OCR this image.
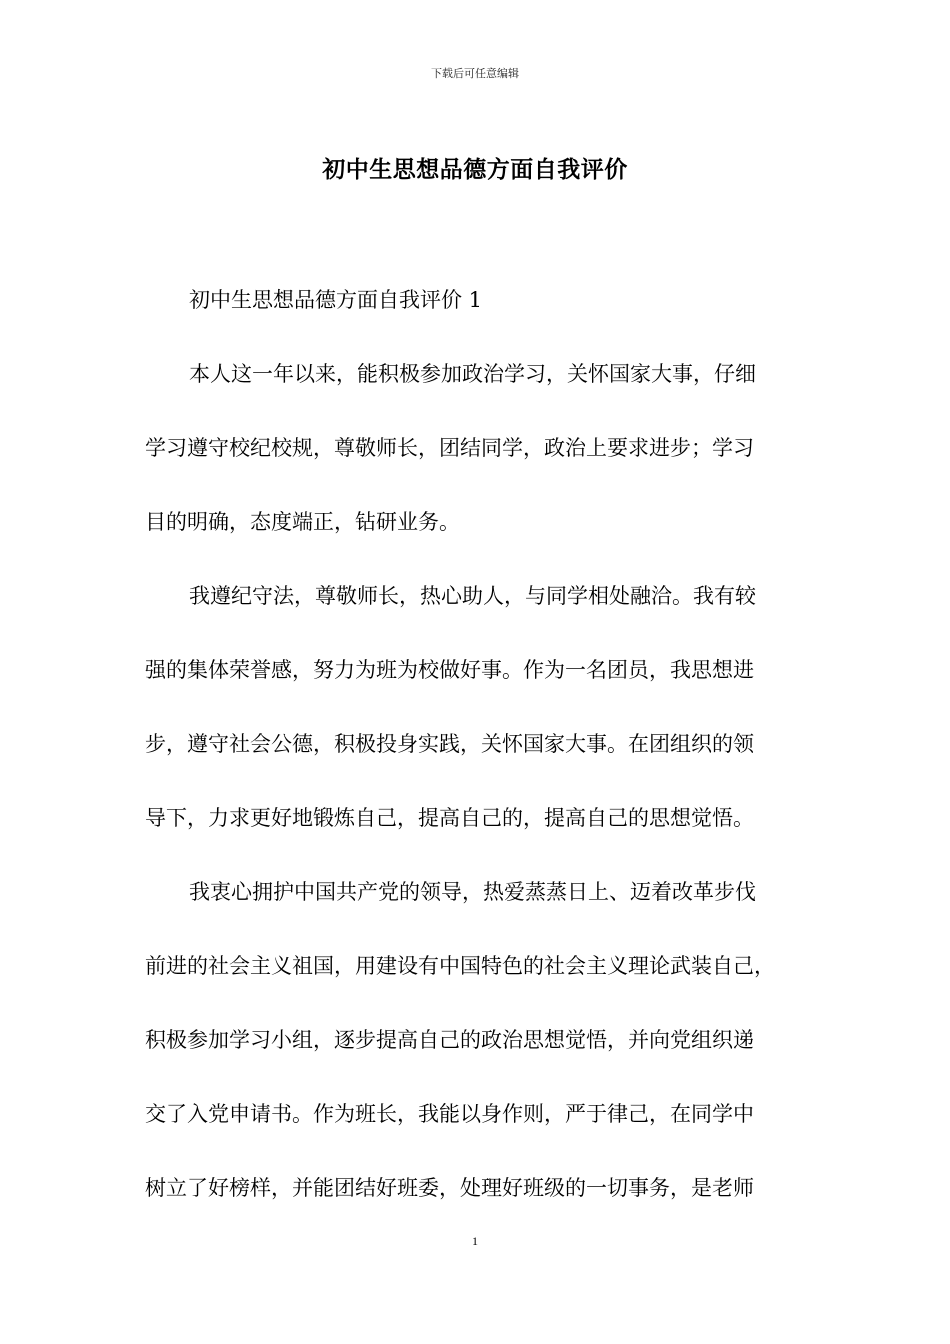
下载后可任意编辑
初中生思想品德方面自我评价
初中生思想品德方面自我评价 1
本人这一年以来，能积极参加政治学习，关怀国家大事，仔细
学习遵守校纪校规，尊敬师长，团结同学，政治上要求进步；学习
目的明确，态度端正，钻研业务。
我遵纪守法，尊敬师长，热心助人，与同学相处融洽。我有较
强的集体荣誉感，努力为班为校做好事。作为一名团员，我思想进
步，遵守社会公德，积极投身实践，关怀国家大事。在团组织的领
导下，力求更好地锻炼自己，提高自己的，提高自己的思想觉悟。
我衷心拥护中国共产党的领导，热爱蒸蒸日上、迈着改革步伐
前进的社会主义祖国，用建设有中国特色的社会主义理论武装自己，
积极参加学习小组，逐步提高自己的政治思想觉悟，并向党组织递
交了入党申请书。作为班长，我能以身作则，严于律己，在同学中
树立了好榜样，并能团结好班委，处理好班级的一切事务，是老师
1
